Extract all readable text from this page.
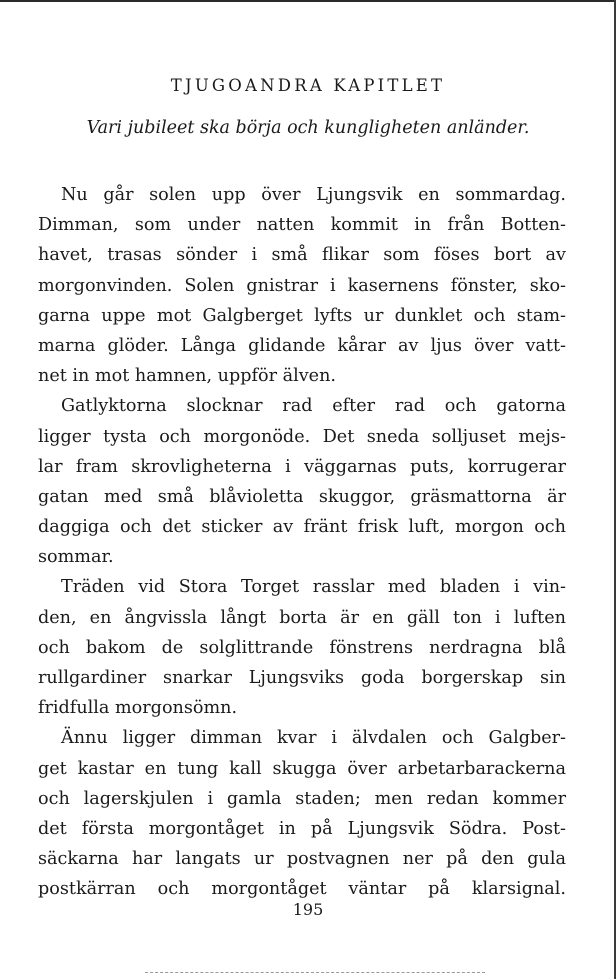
TJUGOANDRA KAPITLET
Vari jubileet ska börja och kungligheten anländer.

Nu går solen upp över Ljungsvik en sommardag.
Dimman, som under natten kommit in från Botten-
havet, trasas sönder i små flikar som föses bort av
morgonvinden. Solen gnistrar i kasernens fönster, sko-
garna uppe mot Galgberget lyfts ur dunklet och stam-
marna glöder. Långa glidande kårar av ljus över vatt-
net in mot hamnen, uppför älven.

Gatlyktorna slocknar rad efter rad och gatorna
ligger tysta och morgonöde. Det sneda solljuset mejs-
lar fram skrovligheterna i väggarnas puts, korrugerar
gatan med små blåvioletta skuggor, gräsmattorna är
daggiga och det sticker av fränt frisk luft, morgon och
sommar.

Träden vid Stora Torget rasslar med bladen i vin-
den, en ångvissla långt borta är en gäll ton i luften
och bakom de solglittrande fönstrens nerdragna blå
rullgardiner snarkar Ljungsviks goda borgerskap sin
fridfulla morgonsömn.

Ännu ligger dimman kvar i älvdalen och Galgber-
get kastar en tung kall skugga över arbetarbarackerna
och lagerskjulen i gamla staden; men redan kommer
det första morgontåget in på Ljungsvik Södra. Post-
säckarna har langats ur postvagnen ner på den gula
postkärran och morgontåget väntar på klarsignal.

195
